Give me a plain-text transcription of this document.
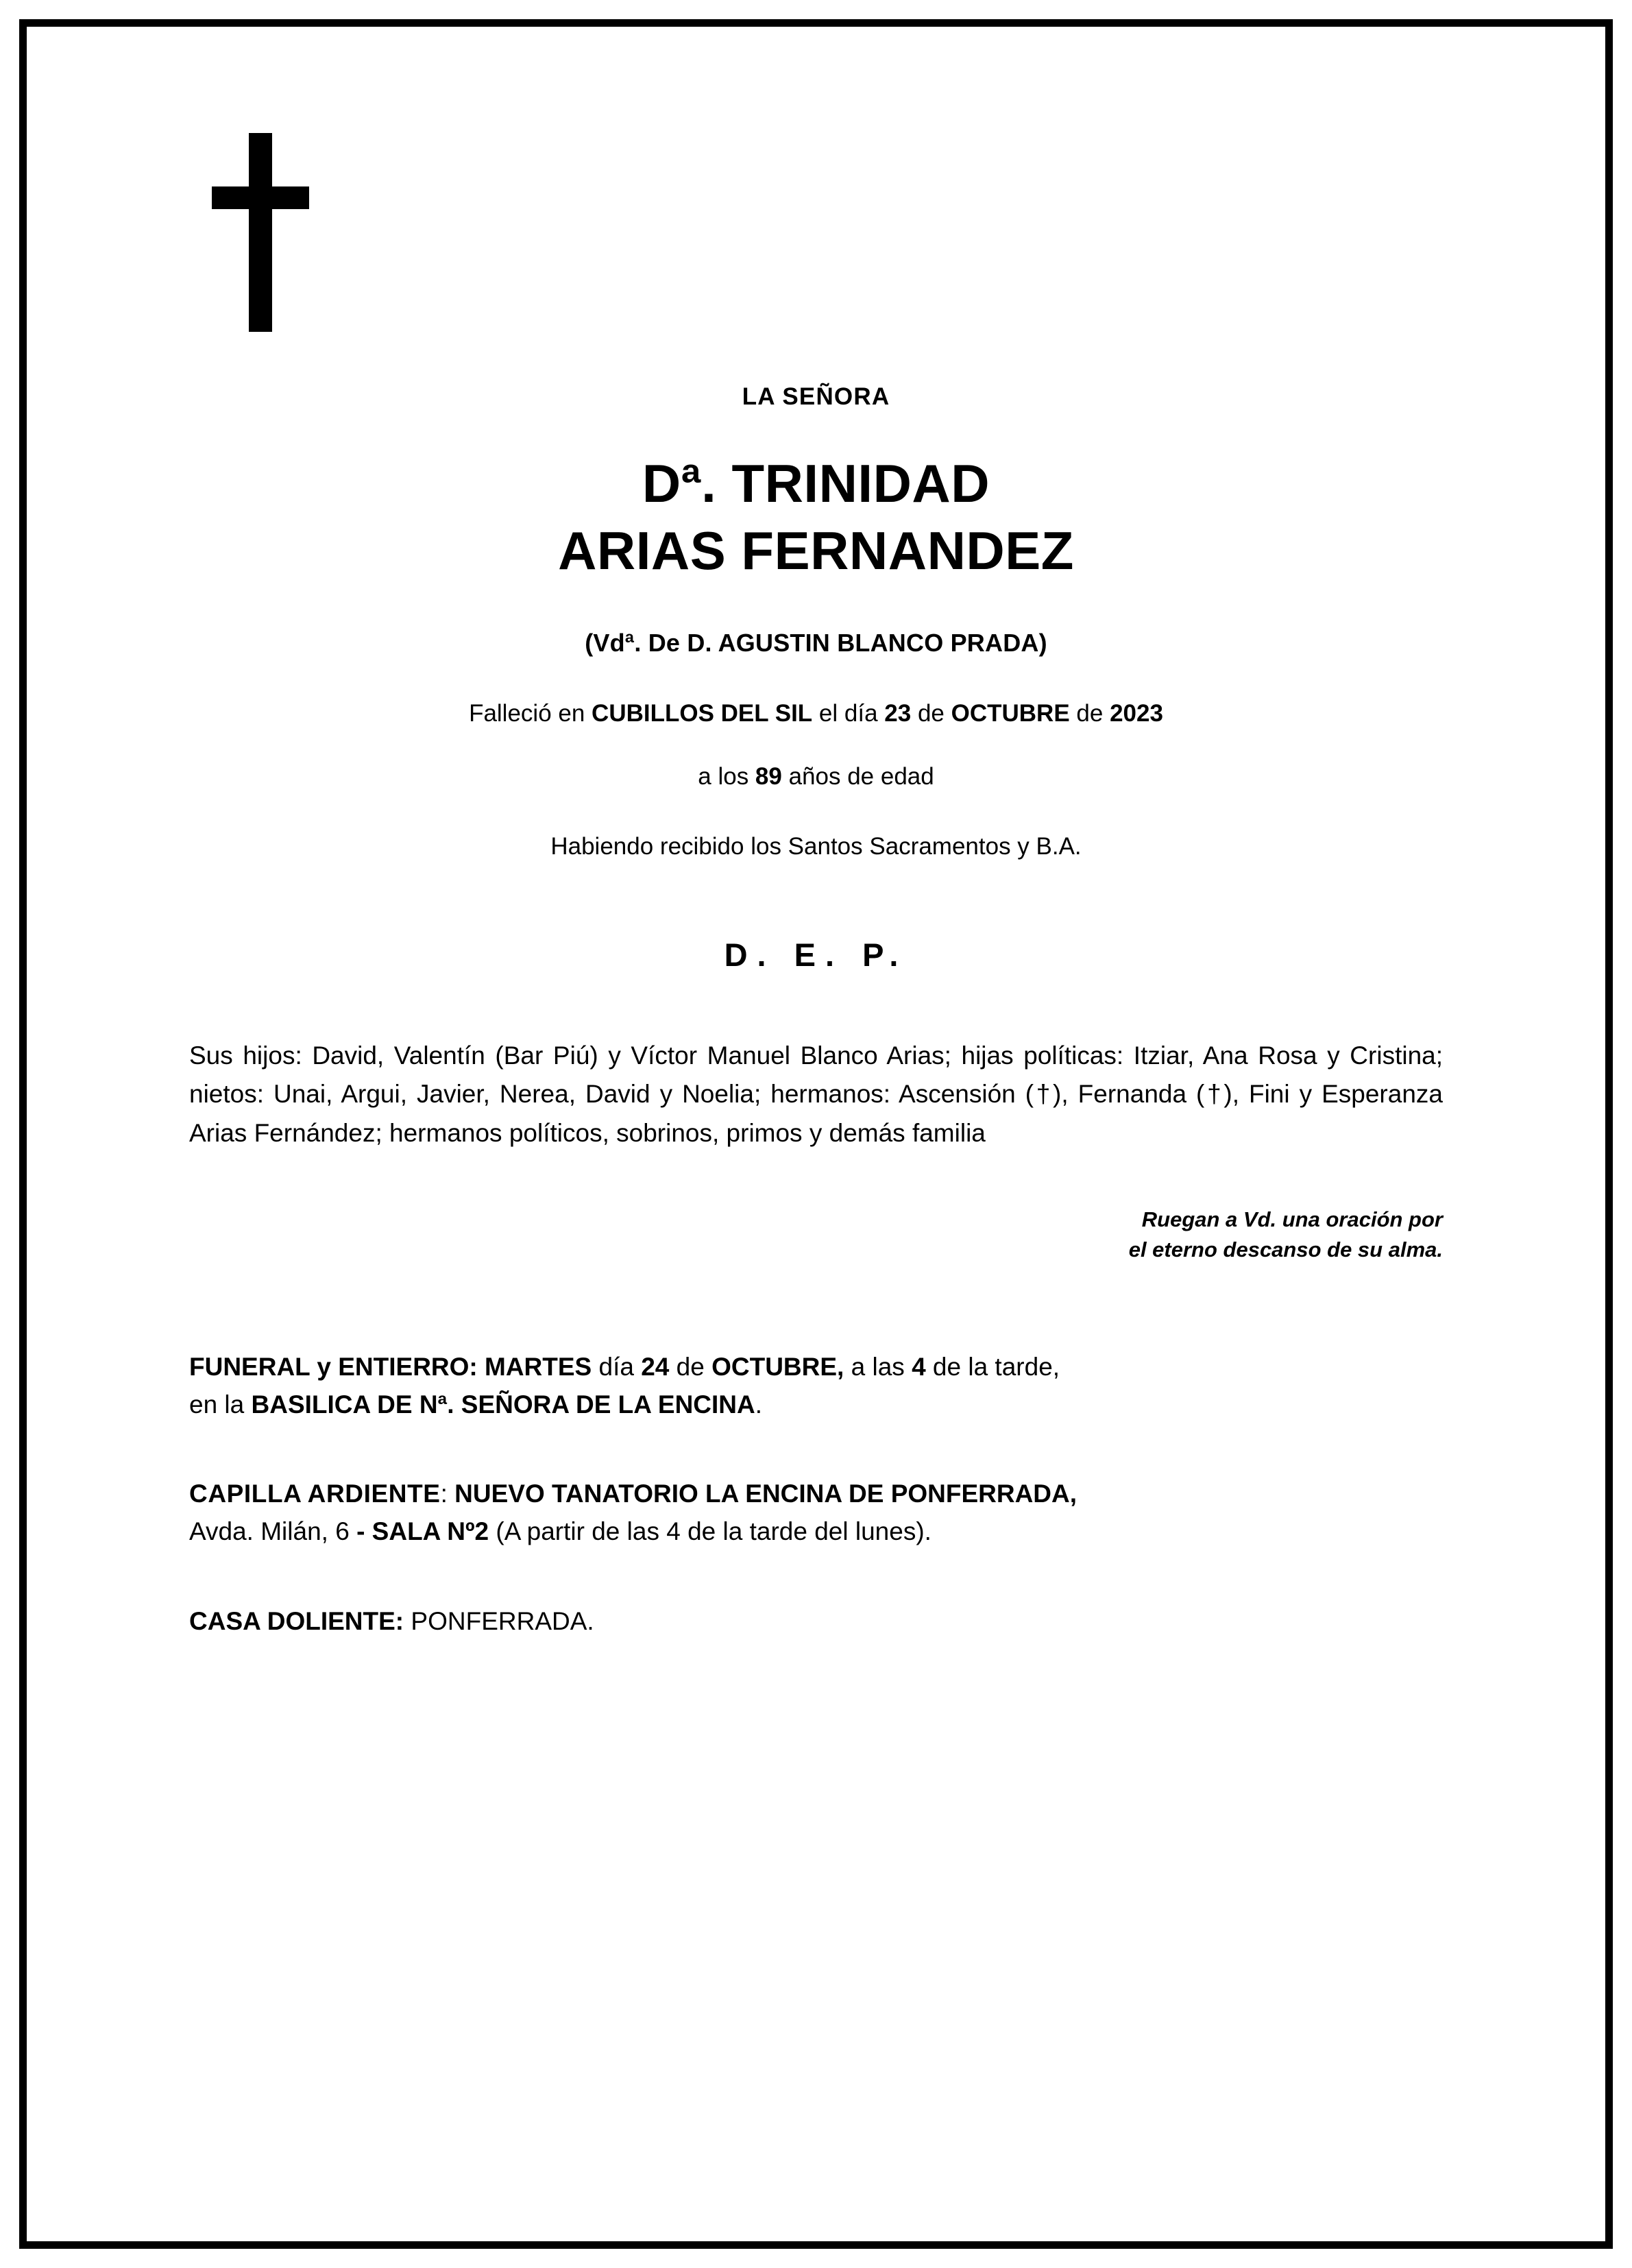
LA SEÑORA
Dª. TRINIDAD
ARIAS FERNANDEZ
(Vdª. De D. AGUSTIN BLANCO PRADA)
Falleció en CUBILLOS DEL SIL el día 23 de OCTUBRE de 2023
a los 89 años de edad
Habiendo recibido los Santos Sacramentos y B.A.
D. E. P.
Sus hijos: David, Valentín (Bar Piú) y Víctor Manuel Blanco Arias; hijas políticas: Itziar, Ana Rosa y Cristina; nietos: Unai, Argui, Javier, Nerea, David y Noelia; hermanos: Ascensión (†), Fernanda (†), Fini y Esperanza Arias Fernández; hermanos políticos, sobrinos, primos y demás familia
Ruegan a Vd. una oración por
el eterno descanso de su alma.
FUNERAL y ENTIERRO: MARTES día 24 de OCTUBRE, a las 4 de la tarde,
en la BASILICA DE Nª. SEÑORA DE LA ENCINA.
CAPILLA ARDIENTE: NUEVO TANATORIO LA ENCINA DE PONFERRADA,
Avda. Milán, 6 - SALA Nº2 (A partir de las 4 de la tarde del lunes).
CASA DOLIENTE: PONFERRADA.
